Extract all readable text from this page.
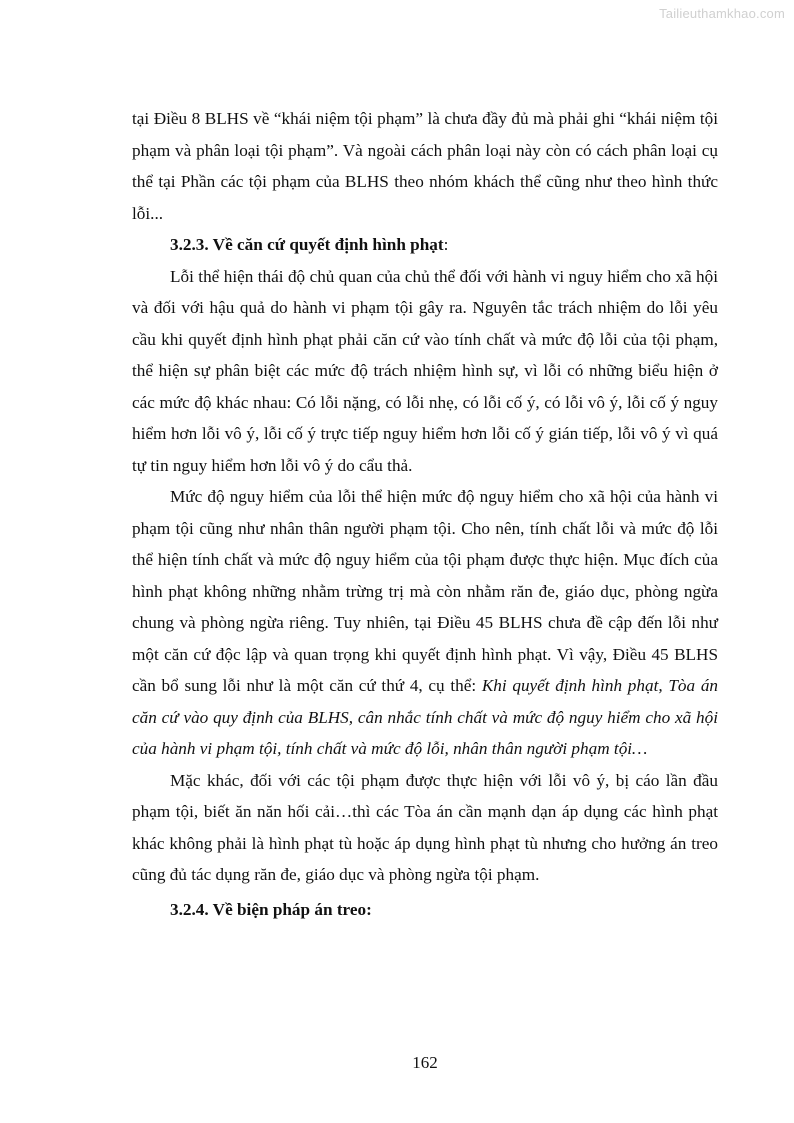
Tailieuthamkhao.com

tại Điều 8 BLHS về “khái niệm tội phạm” là chưa đầy đủ mà phải ghi “khái niệm tội phạm và phân loại tội phạm”. Và ngoài cách phân loại này còn có cách phân loại cụ thể tại Phần các tội phạm của BLHS theo nhóm khách thể cũng như theo hình thức lỗi...

3.2.3. Về căn cứ quyết định hình phạt:

Lỗi thể hiện thái độ chủ quan của chủ thể đối với hành vi nguy hiểm cho xã hội và đối với hậu quả do hành vi phạm tội gây ra. Nguyên tắc trách nhiệm do lỗi yêu cầu khi quyết định hình phạt phải căn cứ vào tính chất và mức độ lỗi của tội phạm, thể hiện sự phân biệt các mức độ trách nhiệm hình sự, vì lỗi có những biểu hiện ở các mức độ khác nhau: Có lỗi nặng, có lỗi nhẹ, có lỗi cố ý, có lỗi vô ý, lỗi cố ý nguy hiểm hơn lỗi vô ý, lỗi cố ý trực tiếp nguy hiểm hơn lỗi cố ý gián tiếp, lỗi vô ý vì quá tự tin nguy hiểm hơn lỗi vô ý do cẩu thả.

Mức độ nguy hiểm của lỗi thể hiện mức độ nguy hiểm cho xã hội của hành vi phạm tội cũng như nhân thân người phạm tội. Cho nên, tính chất lỗi và mức độ lỗi thể hiện tính chất và mức độ nguy hiểm của tội phạm được thực hiện. Mục đích của hình phạt không những nhằm trừng trị mà còn nhằm răn đe, giáo dục, phòng ngừa chung và phòng ngừa riêng. Tuy nhiên, tại Điều 45 BLHS chưa đề cập đến lỗi như một căn cứ độc lập và quan trọng khi quyết định hình phạt. Vì vậy, Điều 45 BLHS cần bổ sung lỗi như là một căn cứ thứ 4, cụ thể: Khi quyết định hình phạt, Tòa án căn cứ vào quy định của BLHS, cân nhắc tính chất và mức độ nguy hiểm cho xã hội của hành vi phạm tội, tính chất và mức độ lỗi, nhân thân người phạm tội…

Mặc khác, đối với các tội phạm được thực hiện với lỗi vô ý, bị cáo lần đầu phạm tội, biết ăn năn hối cải…thì các Tòa án cần mạnh dạn áp dụng các hình phạt khác không phải là hình phạt tù hoặc áp dụng hình phạt tù nhưng cho hưởng án treo cũng đủ tác dụng răn đe, giáo dục và phòng ngừa tội phạm.

3.2.4. Về biện pháp án treo:

162
